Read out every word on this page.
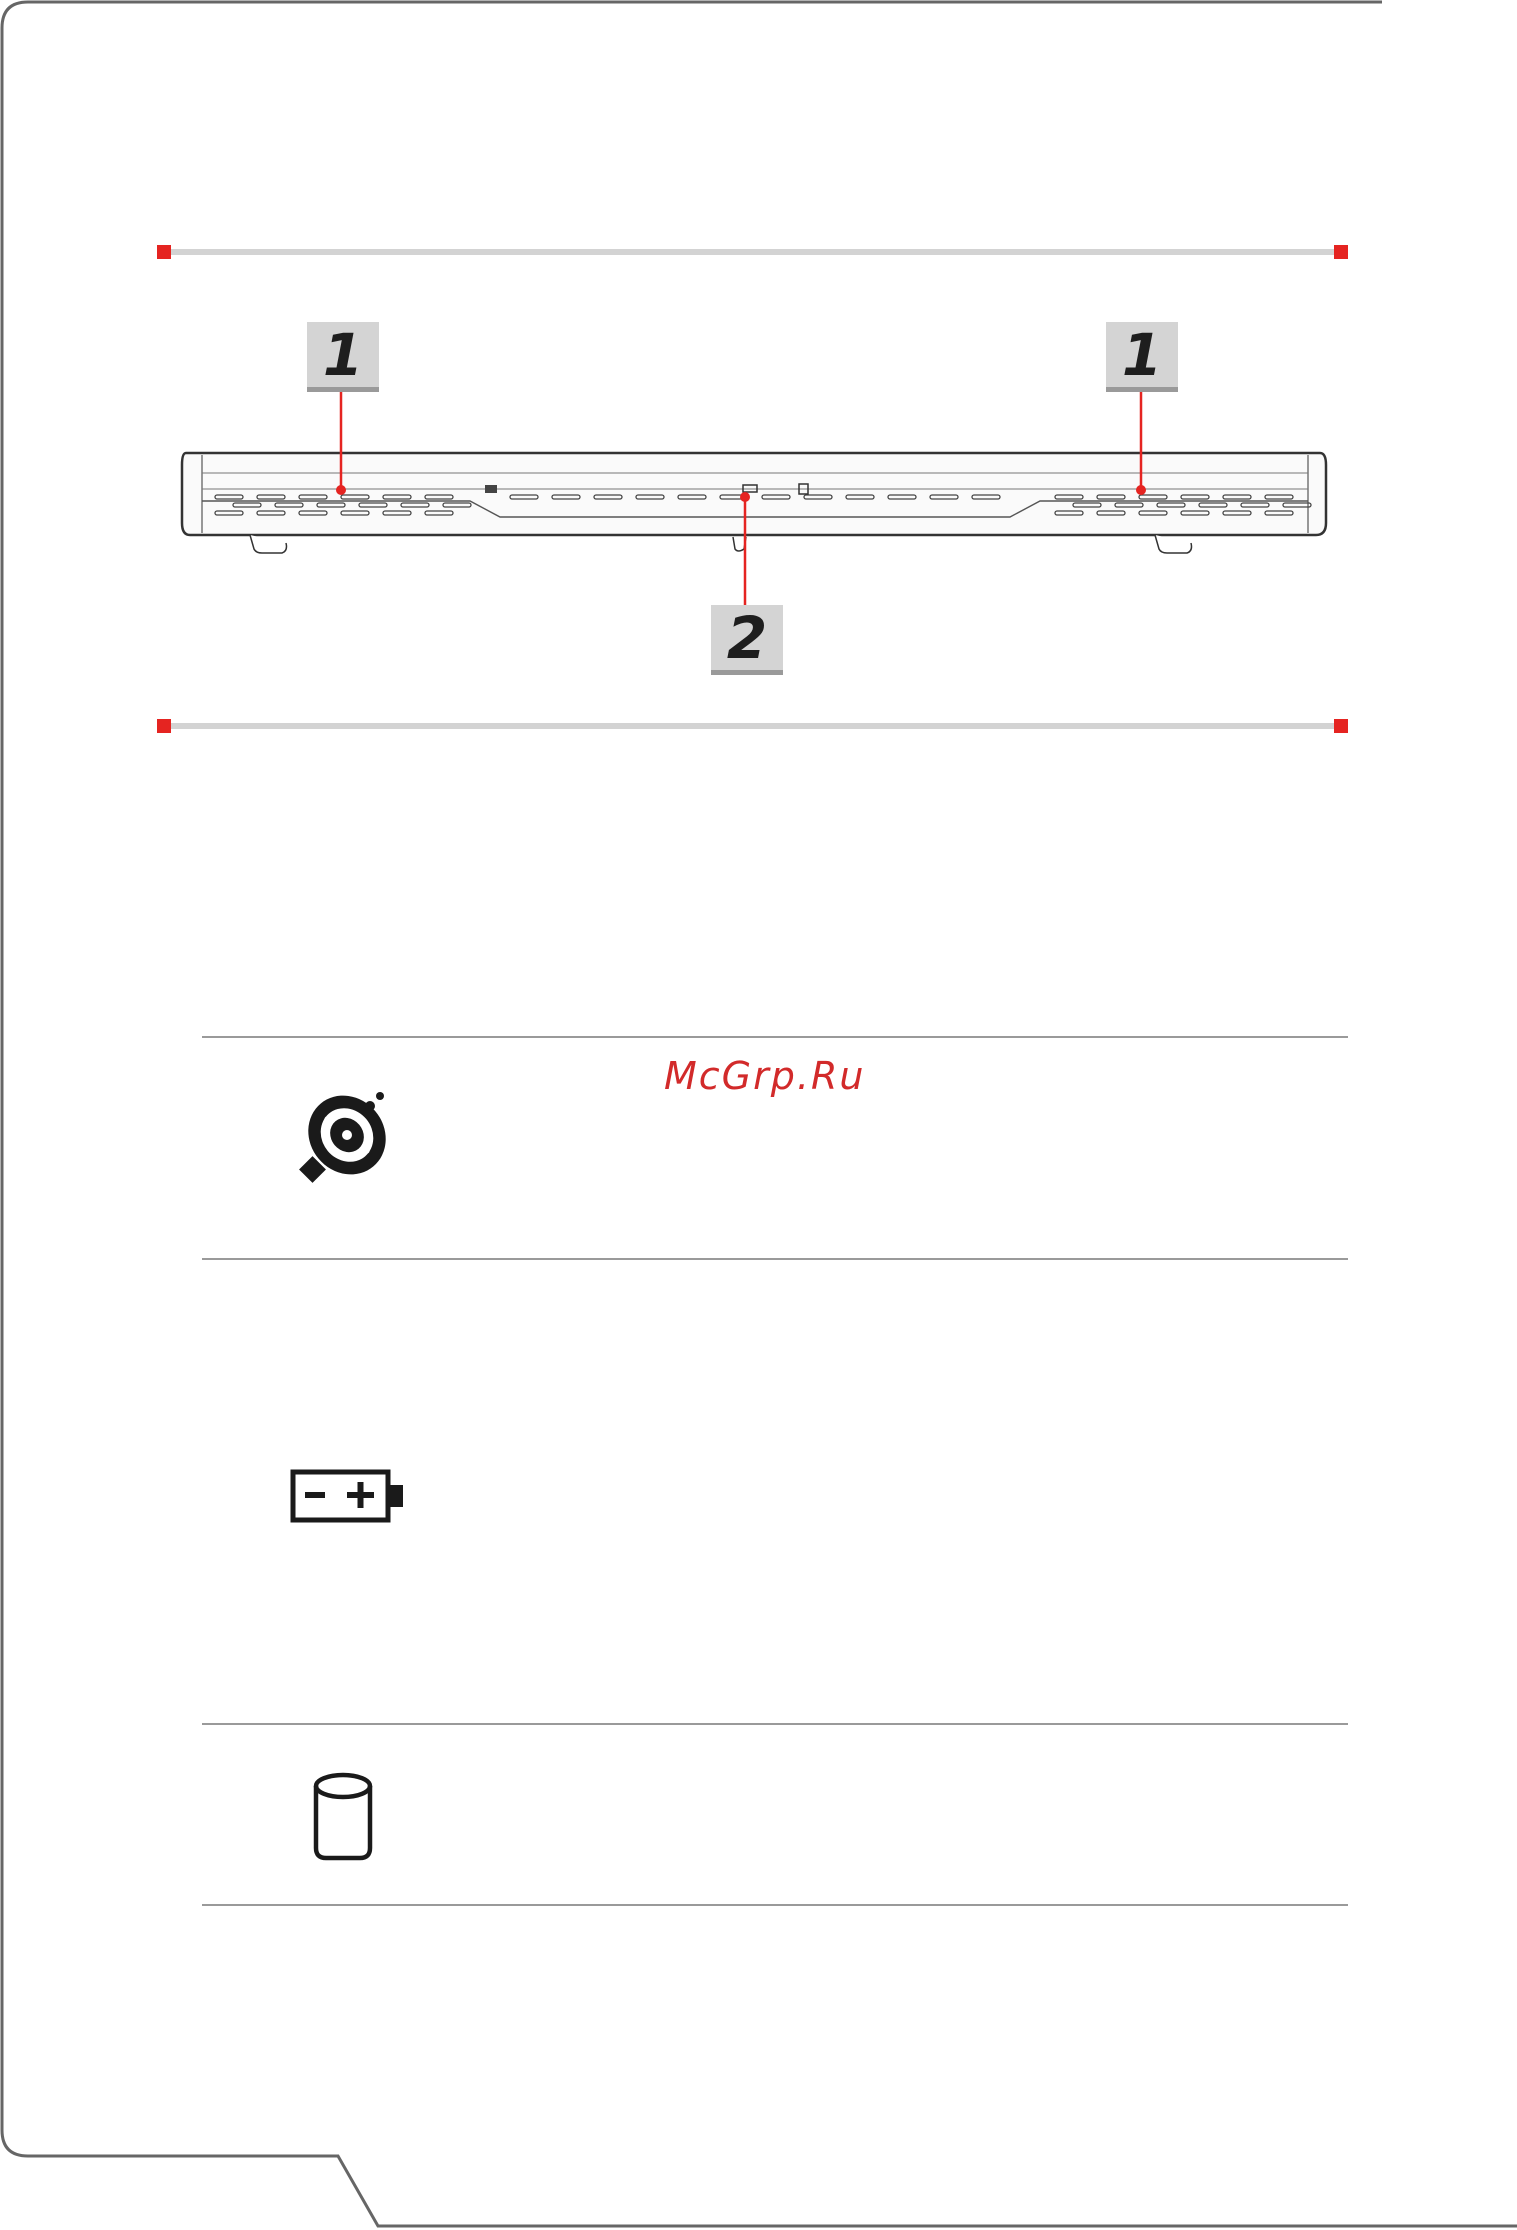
1	1
2
McGrp.Ru
